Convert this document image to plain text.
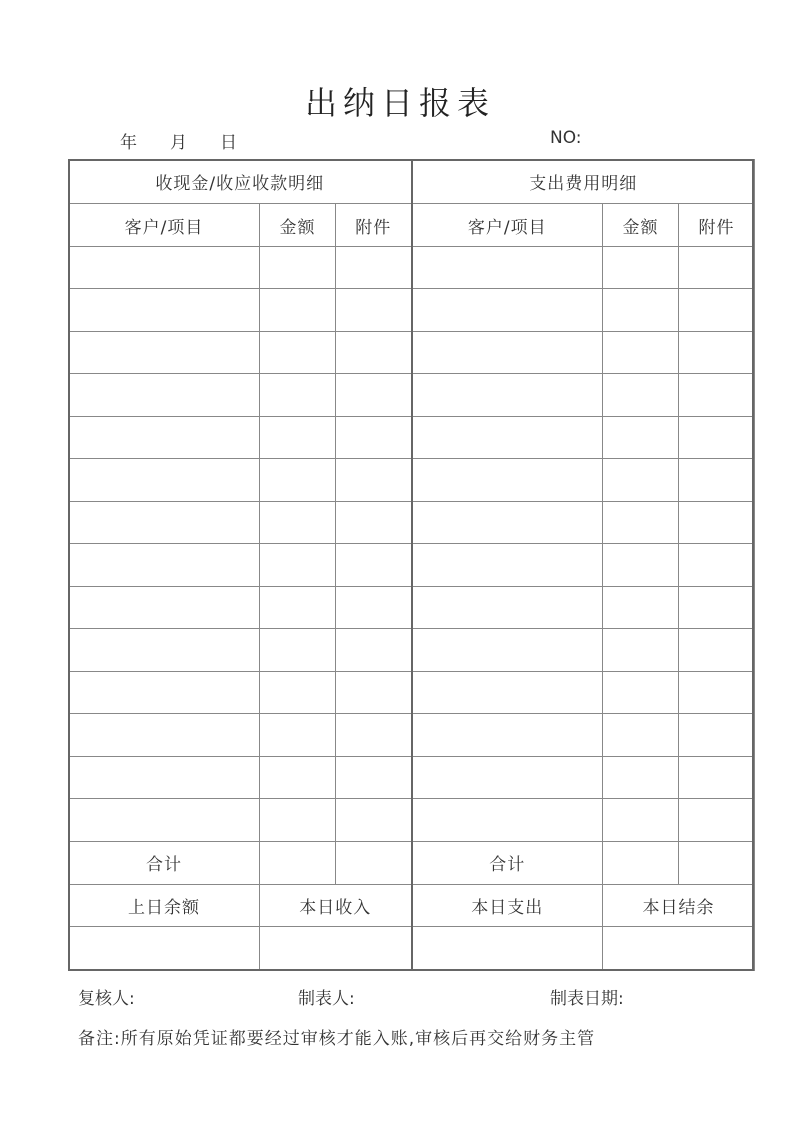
出纳日报表
年 月 日	NO:
收现金/收应收款明细			支出费用明细		
客户/项目	金额	附件	客户/项目	金额	附件

合计			合计		
上日余额	本日收入		本日支出	本日结余	

复核人:	制表人:	制表日期:
备注:所有原始凭证都要经过审核才能入账,审核后再交给财务主管
